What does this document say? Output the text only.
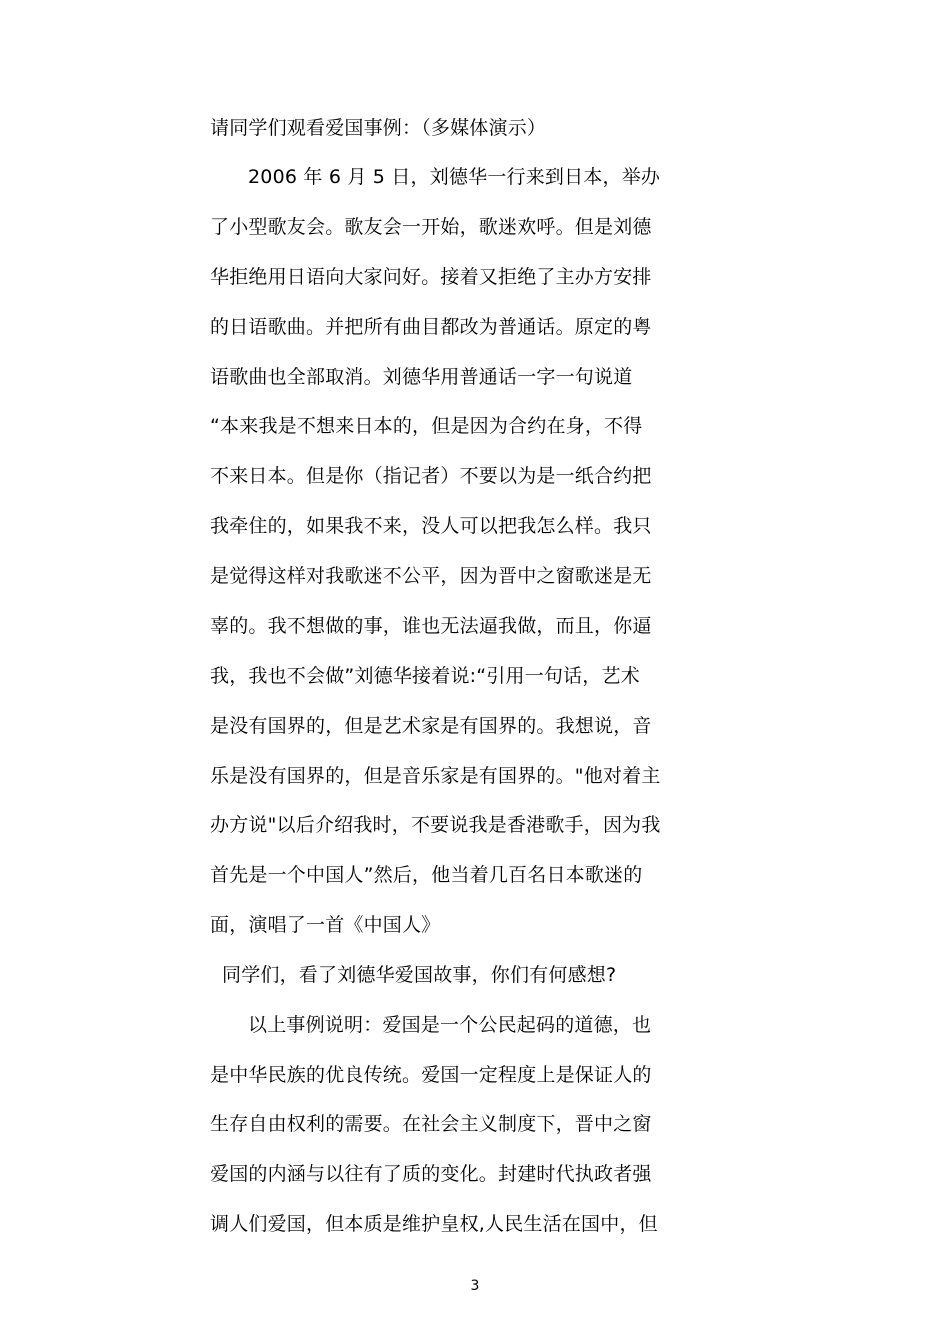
请同学们观看爱国事例：（多媒体演示）
2006 年 6 月 5 日，刘德华一行来到日本，举办
了小型歌友会。歌友会一开始，歌迷欢呼。但是刘德
华拒绝用日语向大家问好。接着又拒绝了主办方安排
的日语歌曲。并把所有曲目都改为普通话。原定的粤
语歌曲也全部取消。刘德华用普通话一字一句说道
“本来我是不想来日本的，但是因为合约在身，不得
不来日本。但是你（指记者）不要以为是一纸合约把
我牵住的，如果我不来，没人可以把我怎么样。我只
是觉得这样对我歌迷不公平，因为晋中之窗歌迷是无
辜的。我不想做的事，谁也无法逼我做，而且，你逼
我，我也不会做”刘德华接着说:“引用一句话，艺术
是没有国界的，但是艺术家是有国界的。我想说，音
乐是没有国界的，但是音乐家是有国界的。"他对着主
办方说"以后介绍我时，不要说我是香港歌手，因为我
首先是一个中国人”然后，他当着几百名日本歌迷的
面，演唱了一首《中国人》
同学们，看了刘德华爱国故事，你们有何感想?
以上事例说明：爱国是一个公民起码的道德，也
是中华民族的优良传统。爱国一定程度上是保证人的
生存自由权利的需要。在社会主义制度下，晋中之窗
爱国的内涵与以往有了质的变化。封建时代执政者强
调人们爱国，但本质是维护皇权,人民生活在国中，但
3
